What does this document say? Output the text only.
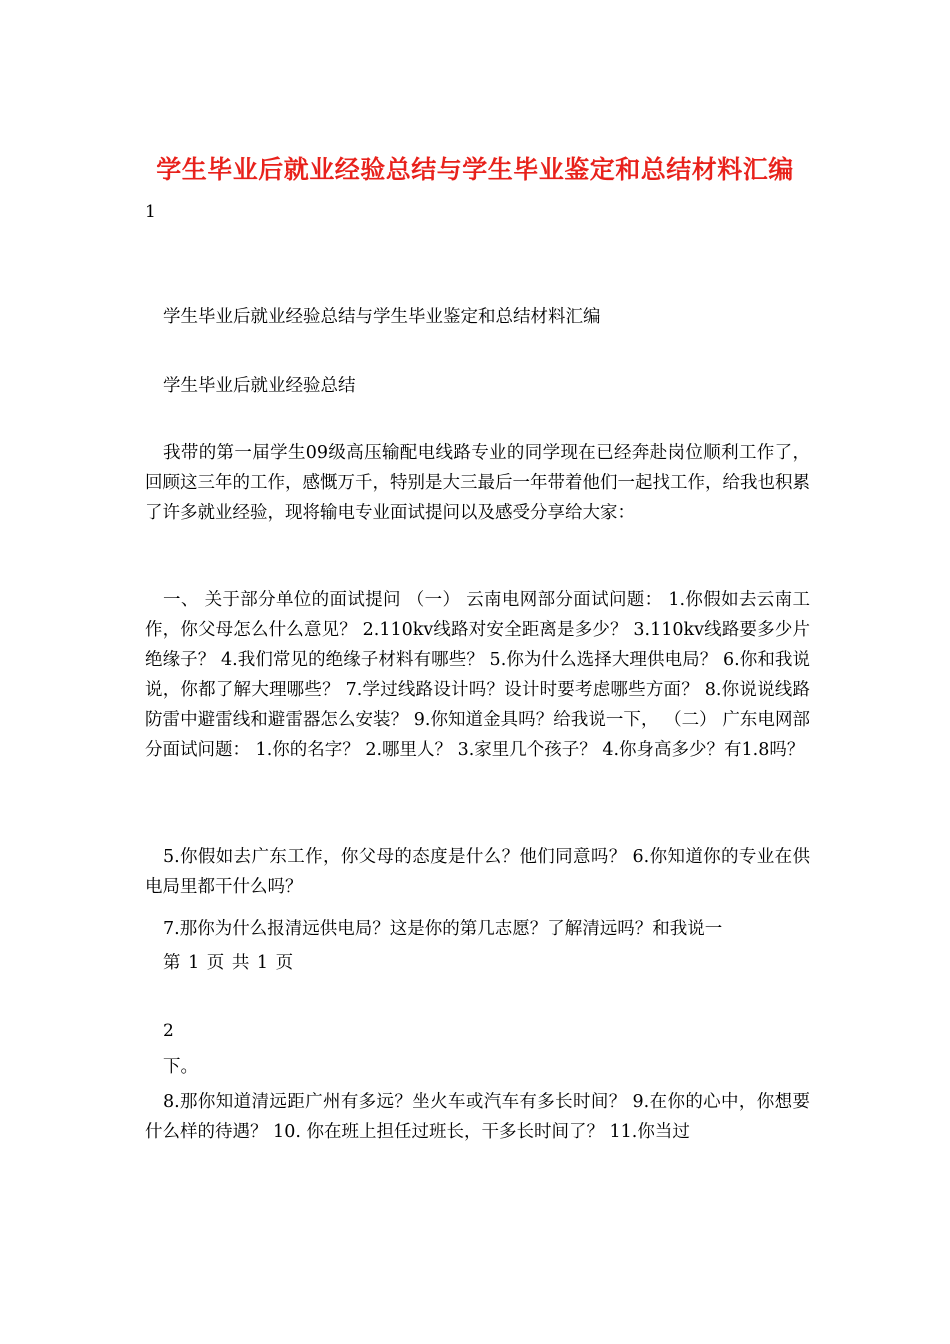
学生毕业后就业经验总结与学生毕业鉴定和总结材料汇编
1
学生毕业后就业经验总结与学生毕业鉴定和总结材料汇编
学生毕业后就业经验总结
我带的第一届学生09级高压输配电线路专业的同学现在已经奔赴岗位顺利工作了，回顾这三年的工作，感慨万千，特别是大三最后一年带着他们一起找工作，给我也积累了许多就业经验，现将输电专业面试提问以及感受分享给大家：
一、 关于部分单位的面试提问 （一） 云南电网部分面试问题： 1.你假如去云南工作，你父母怎么什么意见？ 2.110kv线路对安全距离是多少？ 3.110kv线路要多少片绝缘子？ 4.我们常见的绝缘子材料有哪些？ 5.你为什么选择大理供电局？ 6.你和我说说，你都了解大理哪些？ 7.学过线路设计吗？设计时要考虑哪些方面？ 8.你说说线路防雷中避雷线和避雷器怎么安装？ 9.你知道金具吗？给我说一下， （二） 广东电网部分面试问题： 1.你的名字？ 2.哪里人？ 3.家里几个孩子？ 4.你身高多少？有1.8吗？
5.你假如去广东工作，你父母的态度是什么？他们同意吗？ 6.你知道你的专业在供电局里都干什么吗？
7.那你为什么报清远供电局？这是你的第几志愿？了解清远吗？和我说一
第 1 页 共 1 页
2
下。
8.那你知道清远距广州有多远？坐火车或汽车有多长时间？ 9.在你的心中，你想要什么样的待遇？ 10. 你在班上担任过班长，干多长时间了？ 11.你当过
